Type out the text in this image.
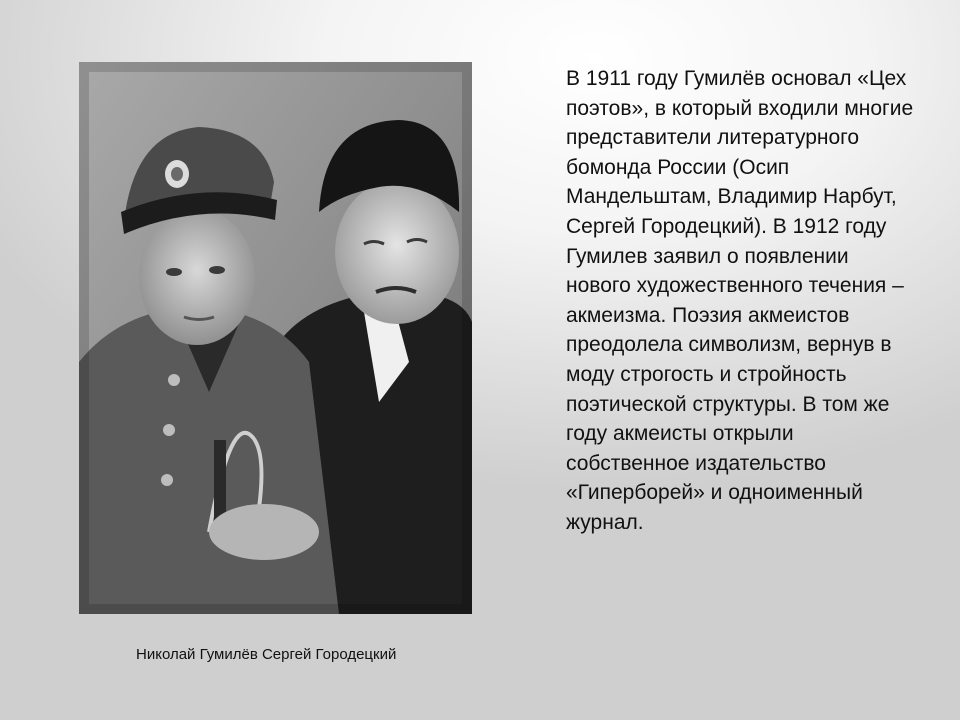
Николай Гумилёв Сергей Городецкий
В 1911 году Гумилёв основал «Цех поэтов», в который входили многие представители литературного бомонда России (Осип Мандельштам, Владимир Нарбут, Сергей Городецкий). В 1912 году Гумилев заявил о появлении нового художественного течения – акмеизма. Поэзия акмеистов преодолела символизм, вернув в моду строгость и стройность поэтической структуры. В том же году акмеисты открыли собственное издательство «Гиперборей» и одноименный журнал.
